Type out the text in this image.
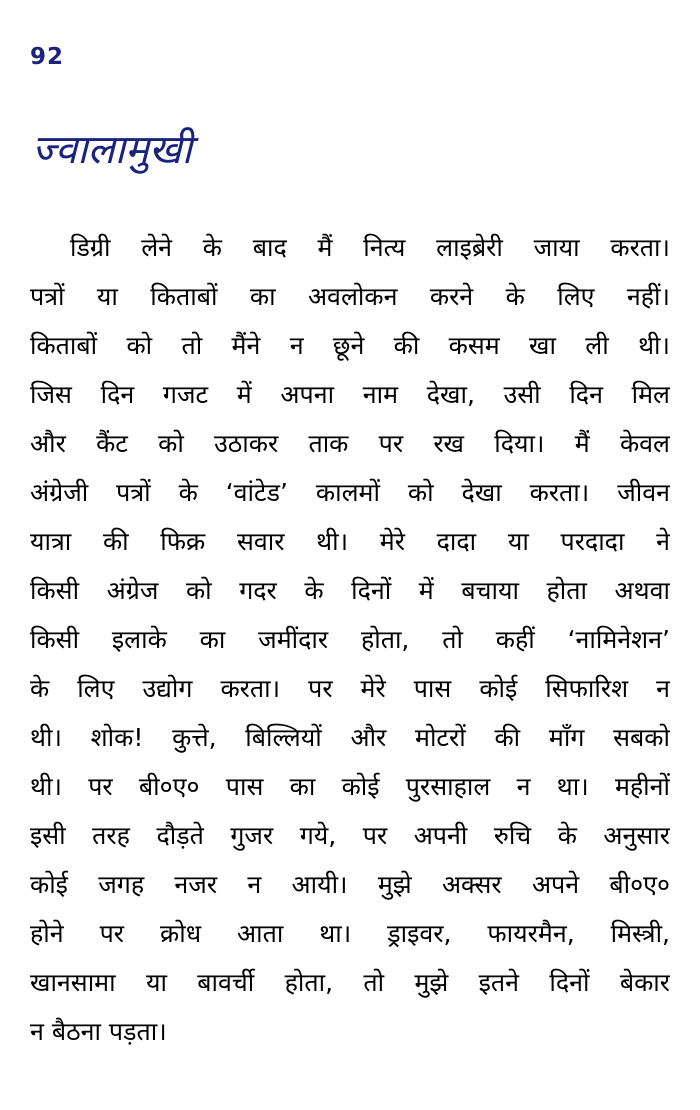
92
ज्वालामुखी
डिग्री लेने के बाद मैं नित्य लाइब्रेरी जाया करता।
पत्रों या किताबों का अवलोकन करने के लिए नहीं।
किताबों को तो मैंने न छूने की कसम खा ली थी।
जिस दिन गजट में अपना नाम देखा, उसी दिन मिल
और कैंट को उठाकर ताक पर रख दिया। मैं केवल
अंग्रेजी पत्रों के ‘वांटेड’ कालमों को देखा करता। जीवन
यात्रा की फिक्र सवार थी। मेरे दादा या परदादा ने
किसी अंग्रेज को गदर के दिनों में बचाया होता अथवा
किसी इलाके का जमींदार होता, तो कहीं ‘नामिनेशन’
के लिए उद्योग करता। पर मेरे पास कोई सिफारिश न
थी। शोक! कुत्ते, बिल्लियों और मोटरों की माँग सबको
थी। पर बी०ए० पास का कोई पुरसाहाल न था। महीनों
इसी तरह दौड़ते गुजर गये, पर अपनी रुचि के अनुसार
कोई जगह नजर न आयी। मुझे अक्सर अपने बी०ए०
होने पर क्रोध आता था। ड्राइवर, फायरमैन, मिस्त्री,
खानसामा या बावर्ची होता, तो मुझे इतने दिनों बेकार
न बैठना पड़ता।
